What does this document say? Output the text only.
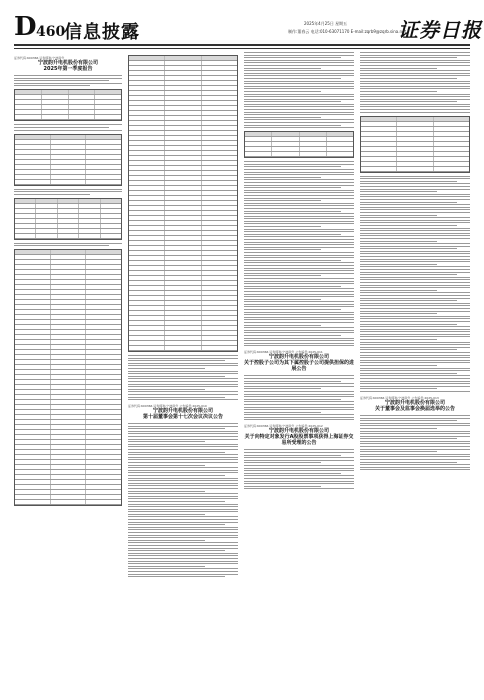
D 460
信息披露	2025年4月25日 星期五
制作:董春云 电话:010-63071170 E-mail:zqrb9@zqrb.sina.net
证券日报
证券代码:600366 证券简称:宁波韵升
宁波韵升电机股份有限公司
2025年第一季度报告
证券代码:600366 证券简称:宁波韵升 公告编号:2025-010
宁波韵升电机股份有限公司
第十届董事会第十七次会议决议公告
证券代码:600366 证券简称:宁波韵升 公告编号:2025-011
宁波韵升电机股份有限公司
关于控股子公司为其下属控股子公司提供担保的进展公告
证券代码:600366 证券简称:宁波韵升 公告编号:2025-012
宁波韵升电机股份有限公司
关于向特定对象发行A股股票事项获得上海证券交易所受理的公告
证券代码:600366 证券简称:宁波韵升 公告编号:2025-013
宁波韵升电机股份有限公司
关于董事会及监事会换届选举的公告
